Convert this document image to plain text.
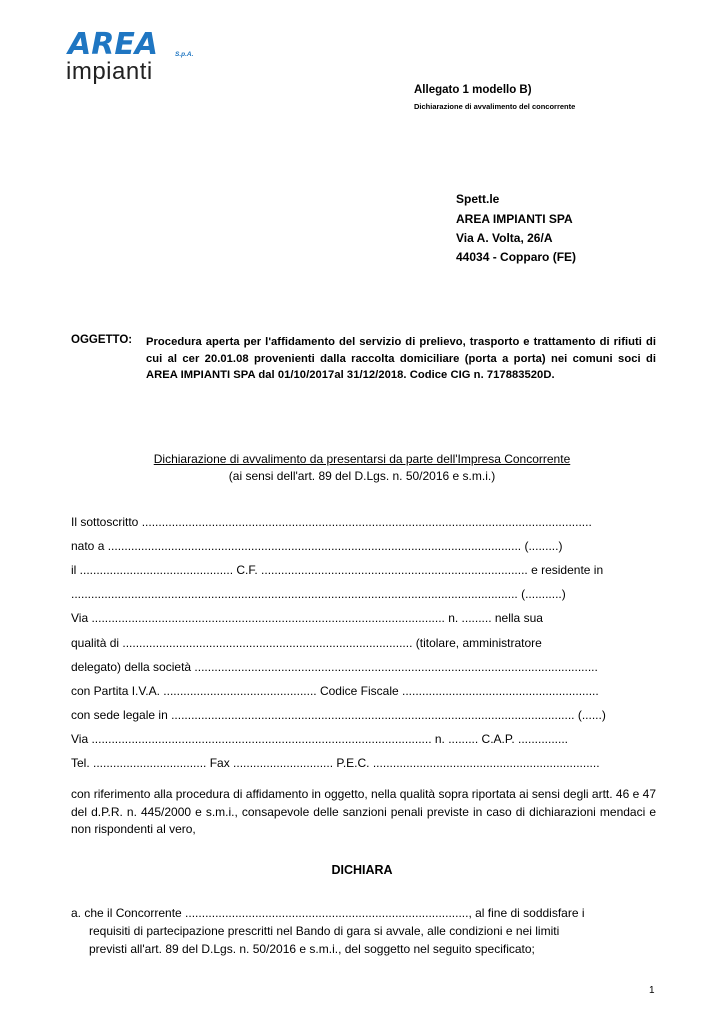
AREA	S.p.A.
impianti
Allegato 1 modello B)
Dichiarazione di avvalimento del concorrente
Spett.le
AREA IMPIANTI SPA
Via A. Volta, 26/A
44034 - Copparo (FE)
OGGETTO: Procedura aperta per l'affidamento del servizio di prelievo, trasporto e trattamento di rifiuti di cui al cer 20.01.08 provenienti dalla raccolta domiciliare (porta a porta) nei comuni soci di AREA IMPIANTI SPA dal 01/10/2017al 31/12/2018. Codice CIG n. 717883520D.
Dichiarazione di avvalimento da presentarsi da parte dell'Impresa Concorrente
(ai sensi dell'art. 89 del D.Lgs. n. 50/2016 e s.m.i.)
Il sottoscritto .......................................................................................................................................
nato a ............................................................................................................................ (.........)
il .............................................. C.F. ................................................................................ e residente in
...................................................................................................................................... (...........)
Via .......................................................................................................... n. ......... nella sua
qualità di ....................................................................................... (titolare, amministratore
delegato) della società .........................................................................................................................
con Partita I.V.A. .............................................. Codice Fiscale ...........................................................
con sede legale in ......................................................................................................................... (......)
Via ...................................................................................................... n. ......... C.A.P. ...............
Tel. .................................. Fax .............................. P.E.C. ....................................................................
con riferimento alla procedura di affidamento in oggetto, nella qualità sopra riportata ai sensi degli artt. 46 e 47 del d.P.R. n. 445/2000 e s.m.i., consapevole delle sanzioni penali previste in caso di dichiarazioni mendaci e non rispondenti al vero,
DICHIARA
a. che il Concorrente ....................................................................................., al fine di soddisfare i
requisiti di partecipazione prescritti nel Bando di gara si avvale, alle condizioni e nei limiti
previsti all'art. 89 del D.Lgs. n. 50/2016 e s.m.i., del soggetto nel seguito specificato;
1
